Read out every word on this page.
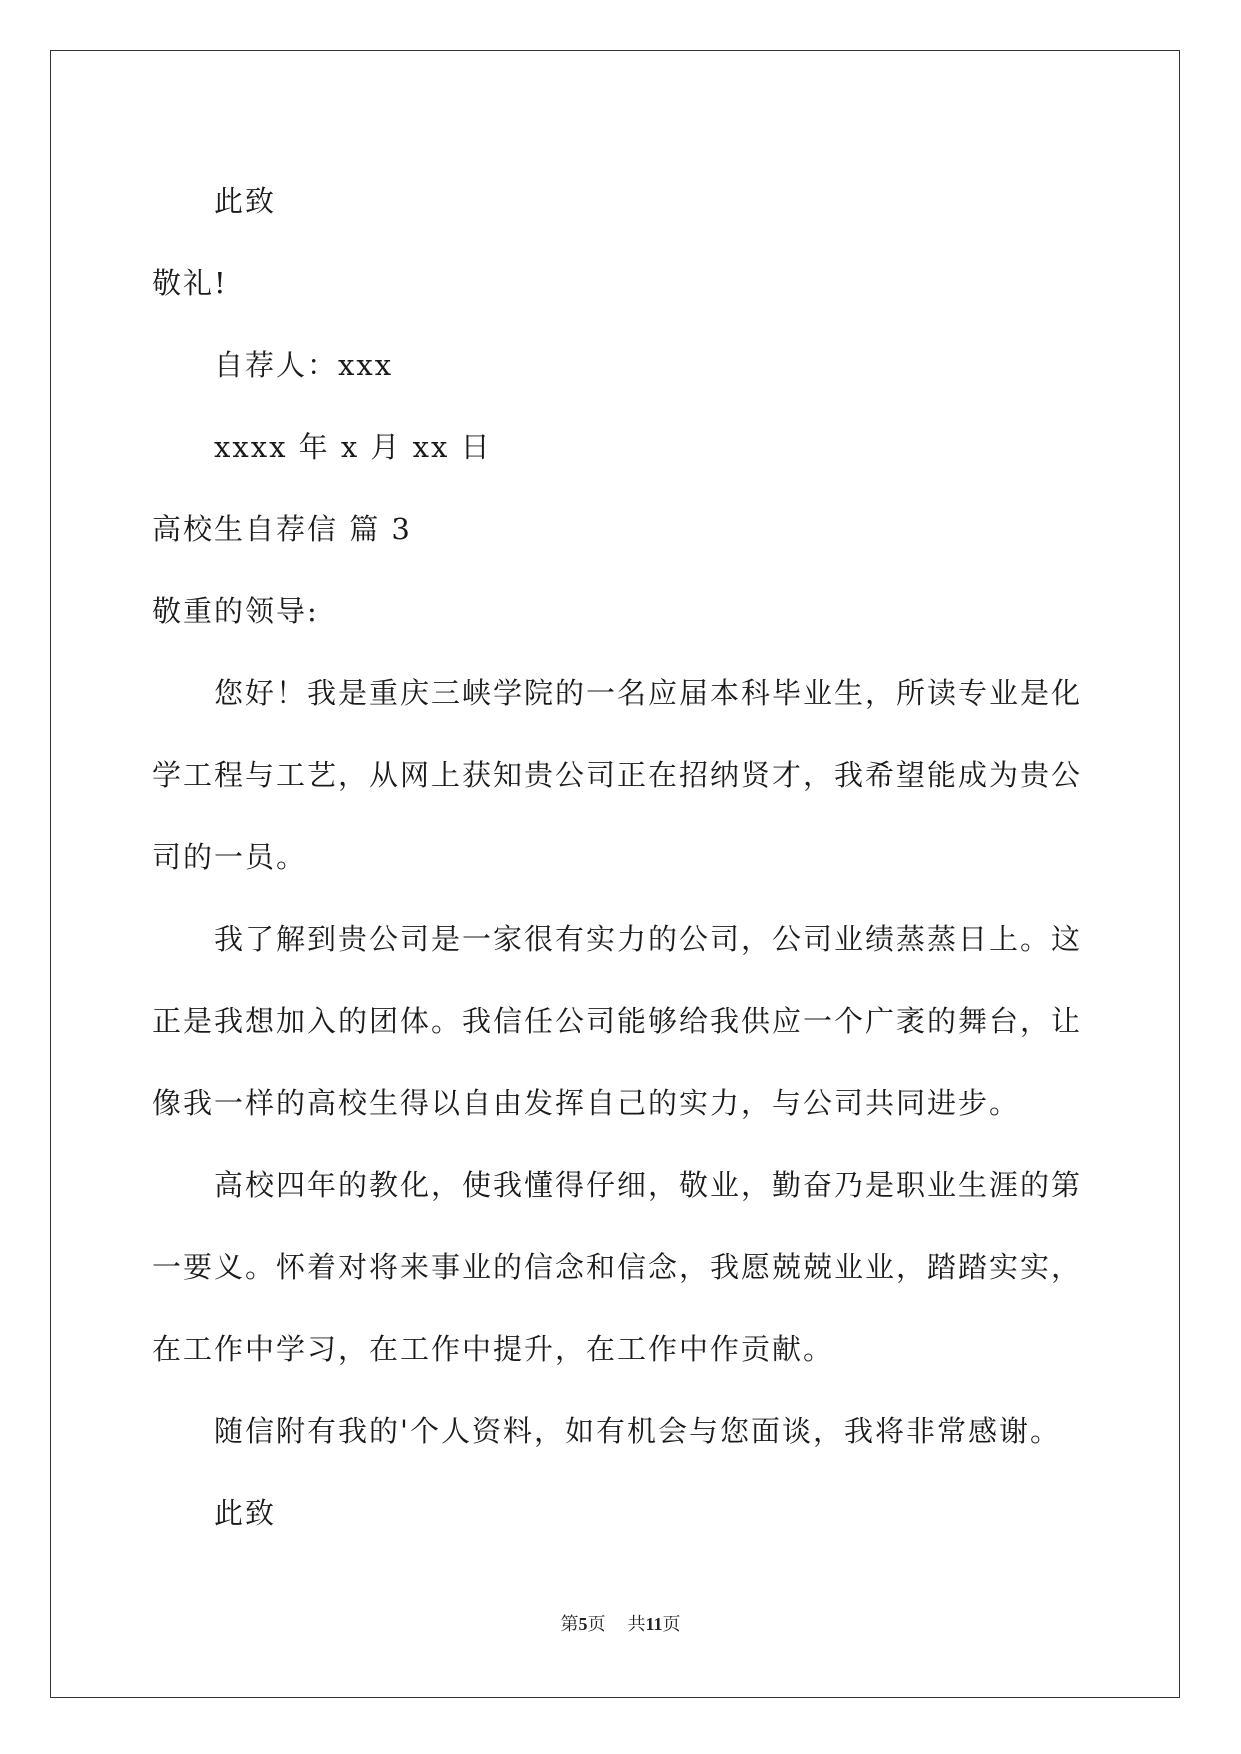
此致
敬礼!
自荐人：xxx
xxxx 年 x 月 xx 日
高校生自荐信 篇 3
敬重的领导:
您好！我是重庆三峡学院的一名应届本科毕业生，所读专业是化
学工程与工艺，从网上获知贵公司正在招纳贤才，我希望能成为贵公
司的一员。
我了解到贵公司是一家很有实力的公司，公司业绩蒸蒸日上。这
正是我想加入的团体。我信任公司能够给我供应一个广袤的舞台，让
像我一样的高校生得以自由发挥自己的实力，与公司共同进步。
高校四年的教化，使我懂得仔细，敬业，勤奋乃是职业生涯的第
一要义。怀着对将来事业的信念和信念，我愿兢兢业业，踏踏实实，
在工作中学习，在工作中提升，在工作中作贡献。
随信附有我的'个人资料，如有机会与您面谈，我将非常感谢。
此致
第5页 共11页
